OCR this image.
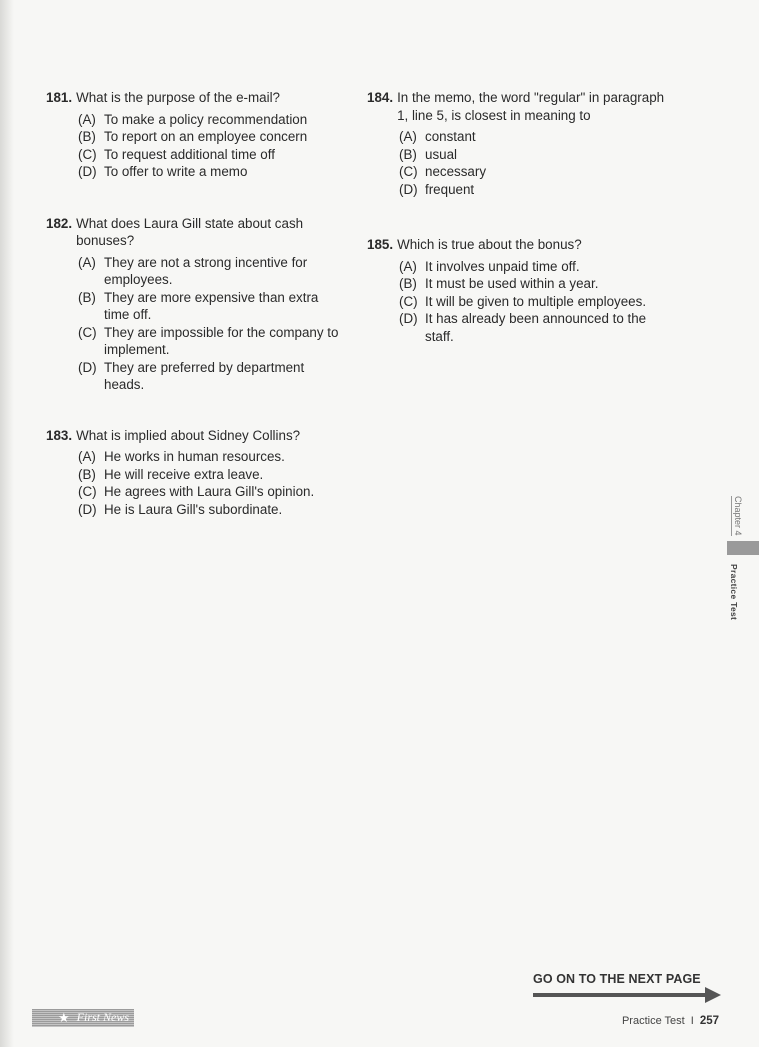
181. What is the purpose of the e-mail?
(A) To make a policy recommendation
(B) To report on an employee concern
(C) To request additional time off
(D) To offer to write a memo
182. What does Laura Gill state about cash bonuses?
(A) They are not a strong incentive for employees.
(B) They are more expensive than extra time off.
(C) They are impossible for the company to implement.
(D) They are preferred by department heads.
183. What is implied about Sidney Collins?
(A) He works in human resources.
(B) He will receive extra leave.
(C) He agrees with Laura Gill's opinion.
(D) He is Laura Gill's subordinate.
184. In the memo, the word "regular" in paragraph 1, line 5, is closest in meaning to
(A) constant
(B) usual
(C) necessary
(D) frequent
185. Which is true about the bonus?
(A) It involves unpaid time off.
(B) It must be used within a year.
(C) It will be given to multiple employees.
(D) It has already been announced to the staff.
Chapter 4
Practice Test
GO ON TO THE NEXT PAGE
★ First News	Practice Test I 257
